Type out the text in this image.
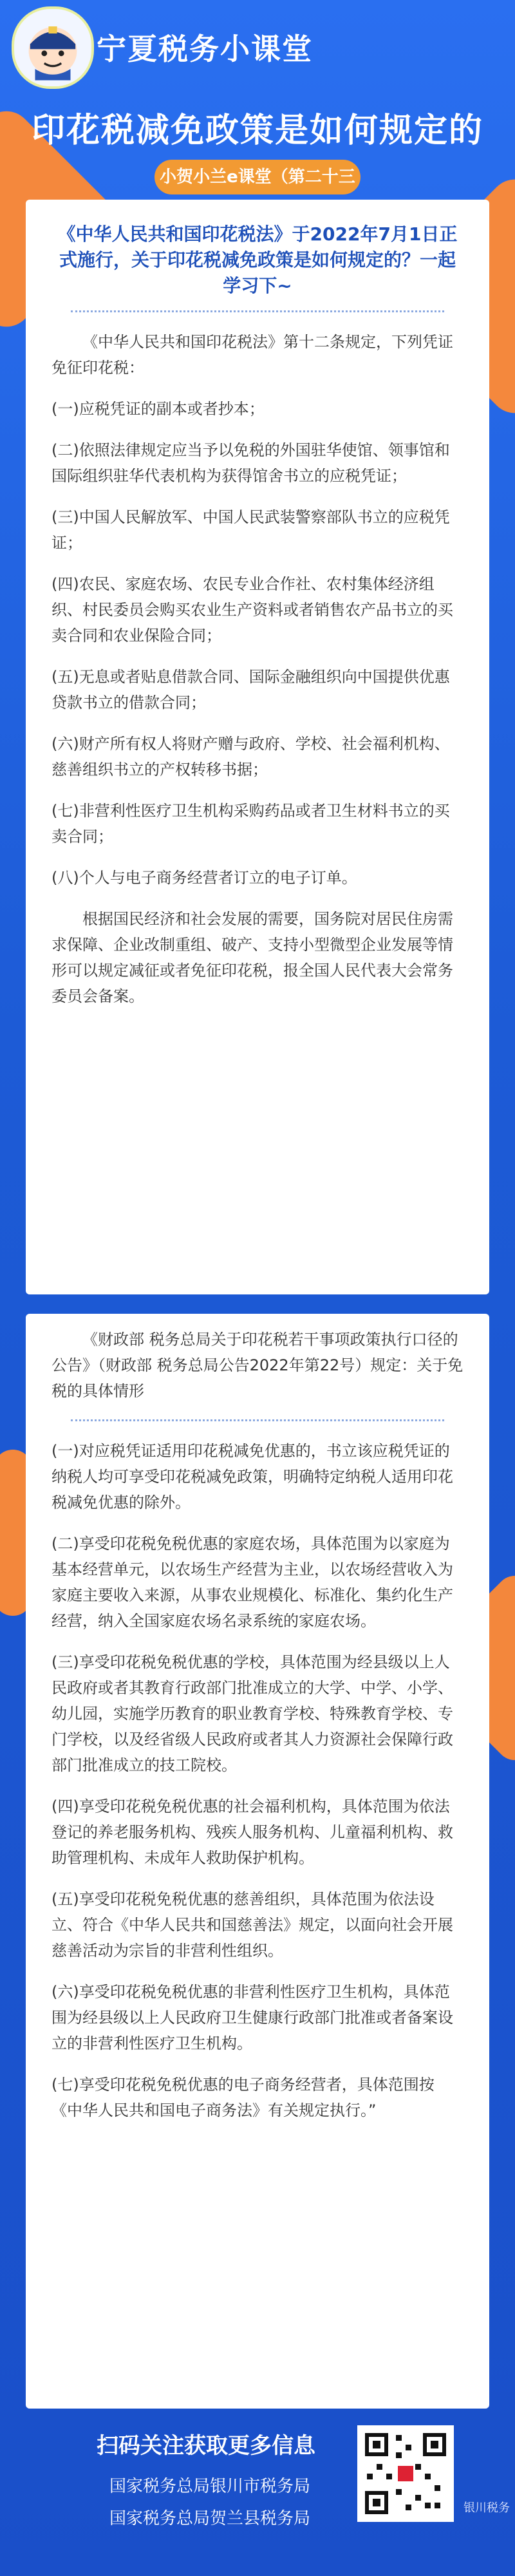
宁夏税务小课堂
印花税减免政策是如何规定的
小贺小兰e课堂（第二十三
《中华人民共和国印花税法》于2022年7月1日正式施行，关于印花税减免政策是如何规定的？一起学习下~

《中华人民共和国印花税法》第十二条规定，下列凭证免征印花税：

(一)应税凭证的副本或者抄本；

(二)依照法律规定应当予以免税的外国驻华使馆、领事馆和国际组织驻华代表机构为获得馆舍书立的应税凭证；

(三)中国人民解放军、中国人民武装警察部队书立的应税凭证；

(四)农民、家庭农场、农民专业合作社、农村集体经济组织、村民委员会购买农业生产资料或者销售农产品书立的买卖合同和农业保险合同；

(五)无息或者贴息借款合同、国际金融组织向中国提供优惠贷款书立的借款合同；

(六)财产所有权人将财产赠与政府、学校、社会福利机构、慈善组织书立的产权转移书据；

(七)非营利性医疗卫生机构采购药品或者卫生材料书立的买卖合同；

(八)个人与电子商务经营者订立的电子订单。

根据国民经济和社会发展的需要，国务院对居民住房需求保障、企业改制重组、破产、支持小型微型企业发展等情形可以规定减征或者免征印花税，报全国人民代表大会常务委员会备案。

《财政部 税务总局关于印花税若干事项政策执行口径的公告》（财政部 税务总局公告2022年第22号）规定：关于免税的具体情形

(一)对应税凭证适用印花税减免优惠的，书立该应税凭证的纳税人均可享受印花税减免政策，明确特定纳税人适用印花税减免优惠的除外。

(二)享受印花税免税优惠的家庭农场，具体范围为以家庭为基本经营单元，以农场生产经营为主业，以农场经营收入为家庭主要收入来源，从事农业规模化、标准化、集约化生产经营，纳入全国家庭农场名录系统的家庭农场。

(三)享受印花税免税优惠的学校，具体范围为经县级以上人民政府或者其教育行政部门批准成立的大学、中学、小学、幼儿园，实施学历教育的职业教育学校、特殊教育学校、专门学校，以及经省级人民政府或者其人力资源社会保障行政部门批准成立的技工院校。

(四)享受印花税免税优惠的社会福利机构，具体范围为依法登记的养老服务机构、残疾人服务机构、儿童福利机构、救助管理机构、未成年人救助保护机构。

(五)享受印花税免税优惠的慈善组织，具体范围为依法设立、符合《中华人民共和国慈善法》规定，以面向社会开展慈善活动为宗旨的非营利性组织。

(六)享受印花税免税优惠的非营利性医疗卫生机构，具体范围为经县级以上人民政府卫生健康行政部门批准或者备案设立的非营利性医疗卫生机构。

(七)享受印花税免税优惠的电子商务经营者，具体范围按《中华人民共和国电子商务法》有关规定执行。”

扫码关注获取更多信息
国家税务总局银川市税务局
国家税务总局贺兰县税务局
银川税务
